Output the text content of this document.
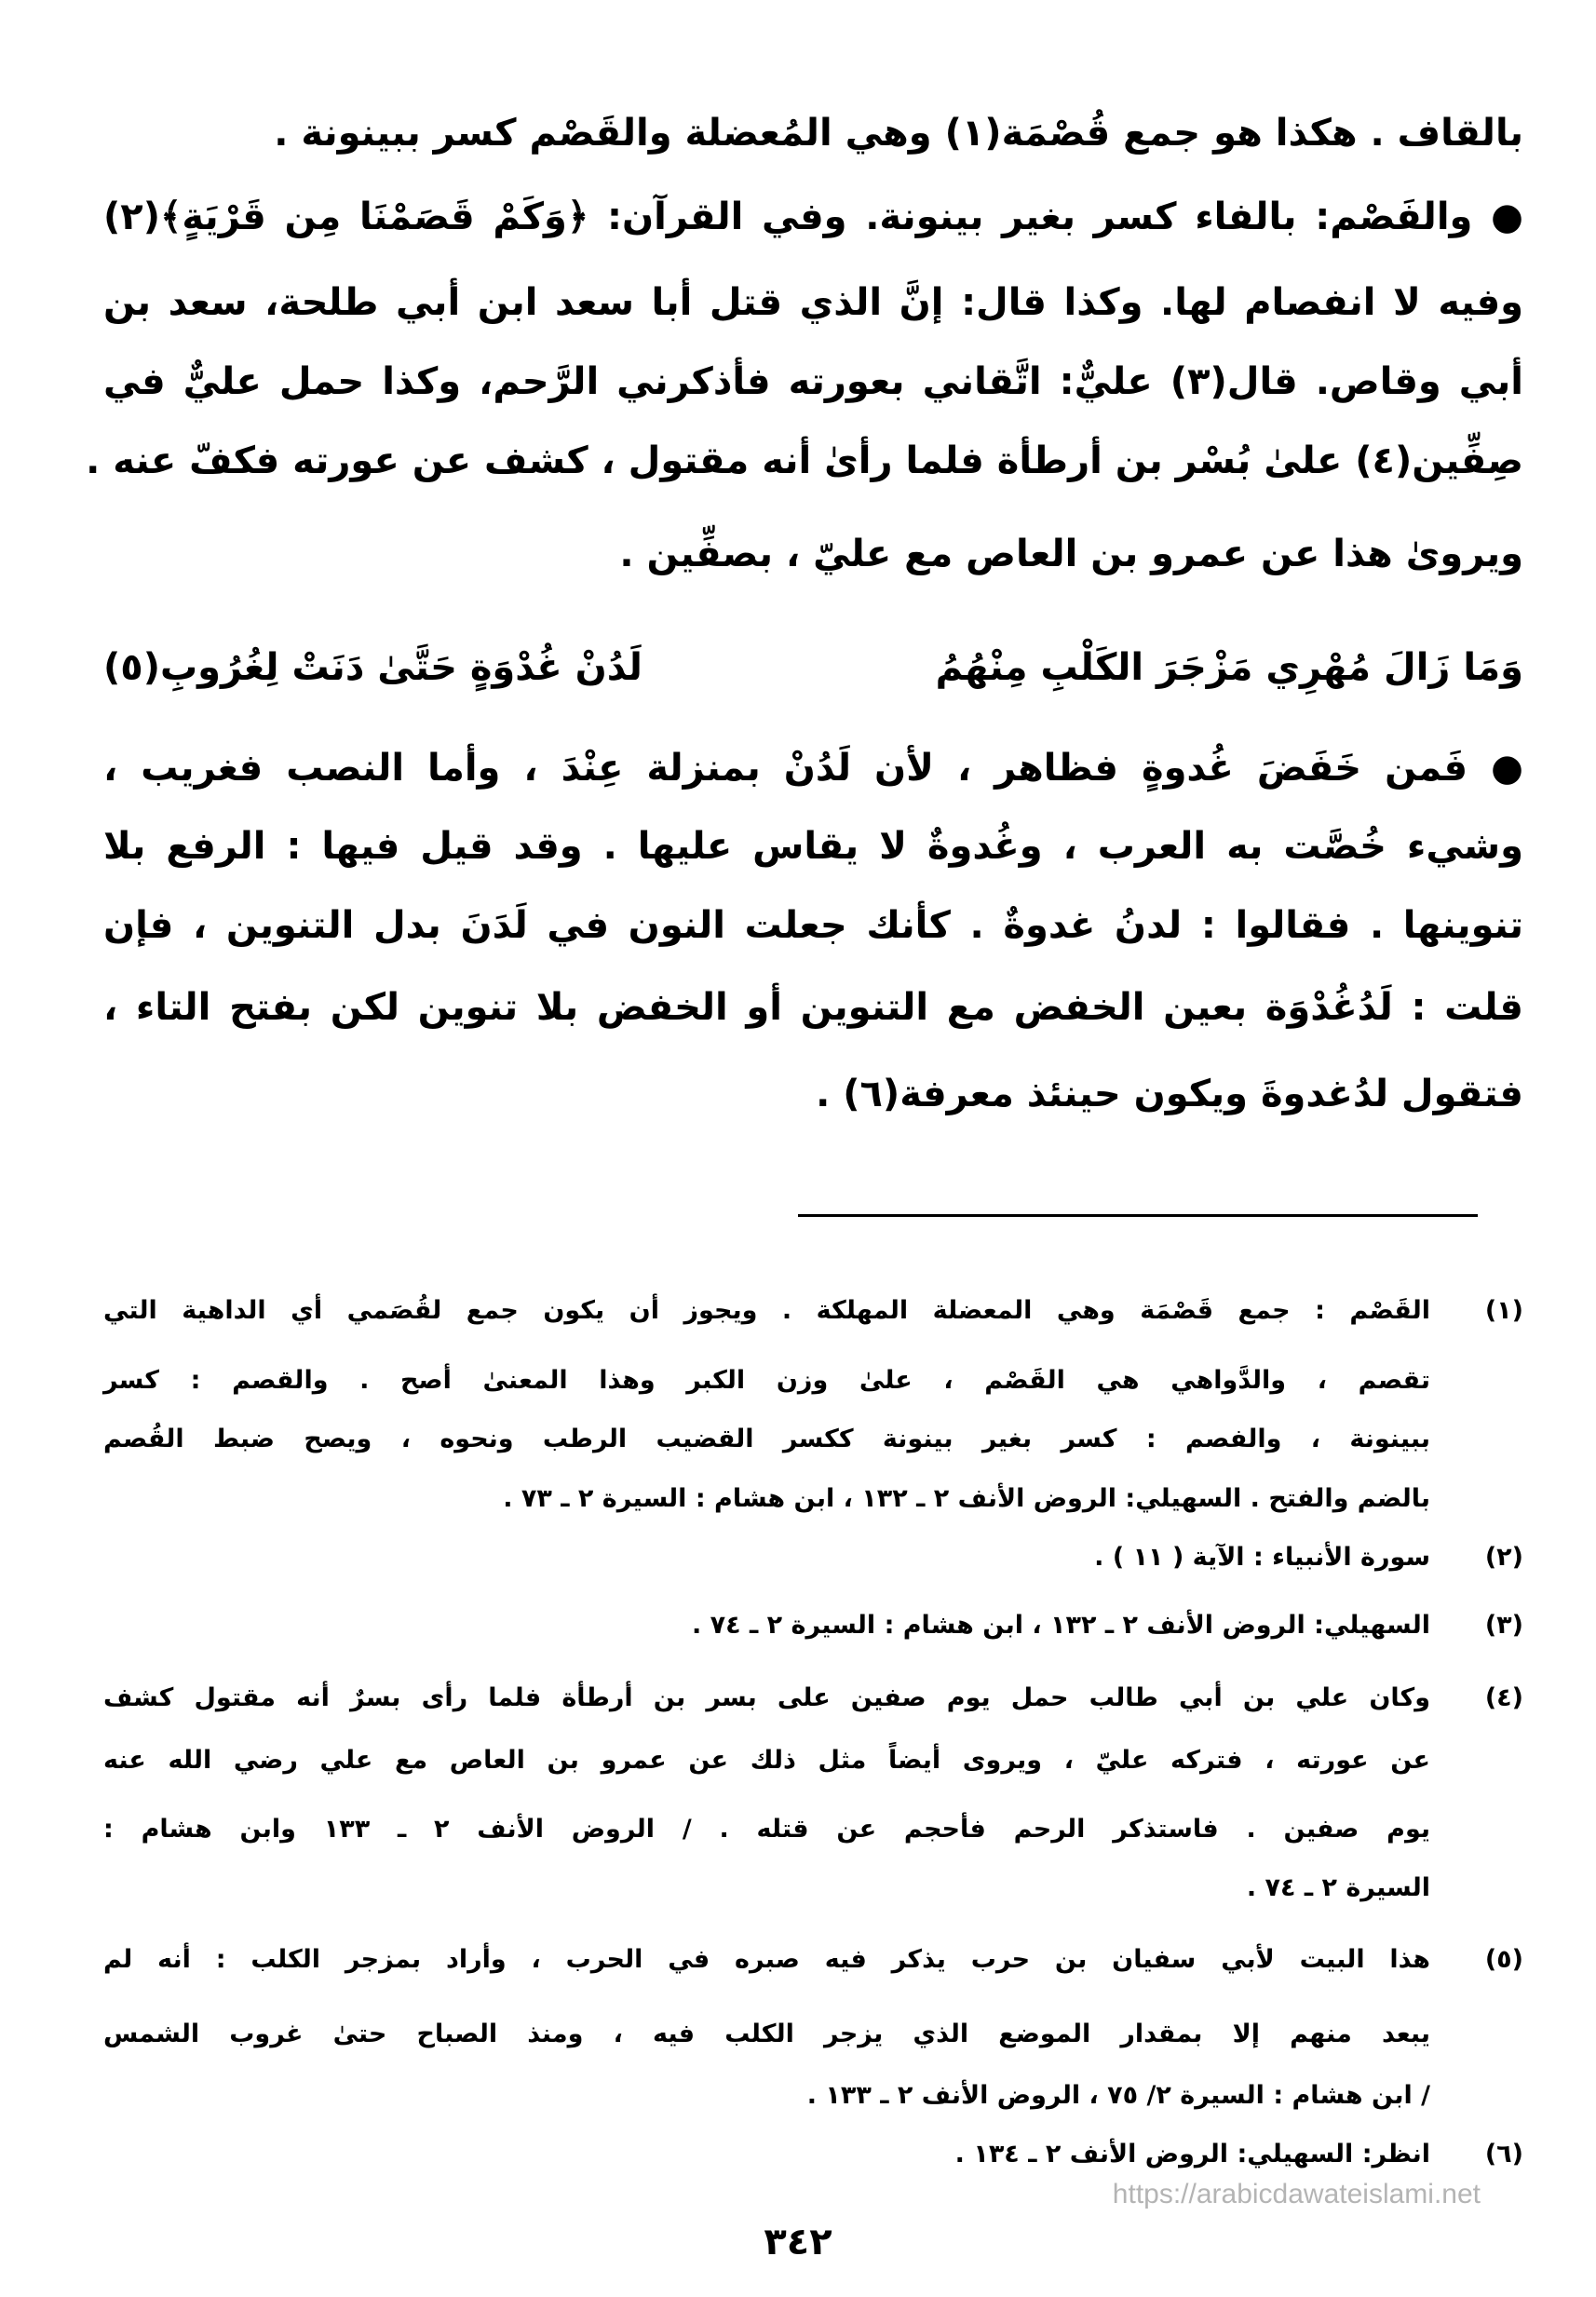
بالقاف . هكذا هو جمع قُصْمَة(١) وهي المُعضلة والقَصْم كسر ببينونة .
● والفَصْم: بالفاء كسر بغير بينونة. وفي القرآن: ﴿وَكَمْ قَصَمْنَا مِن قَرْيَةٍ﴾(٢)
وفيه لا انفصام لها. وكذا قال: إنَّ الذي قتل أبا سعد ابن أبي طلحة، سعد بن
أبي وقاص. قال(٣) عليٌّ: اتَّقاني بعورته فأذكرني الرَّحم، وكذا حمل عليٌّ في
صِفِّين(٤) علىٰ بُسْر بن أرطأة فلما رأىٰ أنه مقتول ، كشف عن عورته فكفّ عنه .
ويرویٰ هذا عن عمرو بن العاص مع عليّ ، بصفِّين .
وَمَا زَالَ مُهْرِي مَزْجَرَ الكَلْبِ مِنْهُمُ
لَدُنْ غُدْوَةٍ حَتَّىٰ دَنَتْ لِغُرُوبِ(٥)
● فَمن خَفَضَ غُدوةٍ فظاهر ، لأن لَدُنْ بمنزلة عِنْدَ ، وأما النصب فغريب ،
وشيء خُصَّت به العرب ، وغُدوةٌ لا يقاس عليها . وقد قيل فيها : الرفع بلا
تنوينها . فقالوا : لدنُ غدوةٌ . كأنك جعلت النون في لَدَنَ بدل التنوين ، فإن
قلت : لَدُغُدْوَة بعين الخفض مع التنوين أو الخفض بلا تنوين لكن بفتح التاء ،
فتقول لدُغدوةَ ويكون حينئذ معرفة(٦) .
(١)
القَصْم : جمع قَصْمَة وهي المعضلة المهلكة . ويجوز أن يكون جمع لقُصَمي أي الداهية التي
تقصم ، والدَّواهي هي القَصْم ، علىٰ وزن الكبر وهذا المعنىٰ أصح . والقصم : كسر
ببينونة ، والفصم : كسر بغير بينونة ككسر القضيب الرطب ونحوه ، ويصح ضبط القُصم
بالضم والفتح . السهيلي: الروض الأنف ٢ ـ ١٣٢ ، ابن هشام : السيرة ٢ ـ ٧٣ .
(٢)
سورة الأنبياء : الآية ( ١١ ) .
(٣)
السهيلي: الروض الأنف ٢ ـ ١٣٢ ، ابن هشام : السيرة ٢ ـ ٧٤ .
(٤)
وكان علي بن أبي طالب حمل يوم صفين على بسر بن أرطأة فلما رأى بسرٌ أنه مقتول كشف
عن عورته ، فتركه عليّ ، ويروى أيضاً مثل ذلك عن عمرو بن العاص مع علي رضي الله عنه
يوم صفين . فاستذكر الرحم فأحجم عن قتله . / الروض الأنف ٢ ـ ١٣٣ وابن هشام :
السيرة ٢ ـ ٧٤ .
(٥)
هذا البيت لأبي سفيان بن حرب يذكر فيه صبره في الحرب ، وأراد بمزجر الكلب : أنه لم
يبعد منهم إلا بمقدار الموضع الذي يزجر الكلب فيه ، ومنذ الصباح حتىٰ غروب الشمس
/ ابن هشام : السيرة ٢/ ٧٥ ، الروض الأنف ٢ ـ ١٣٣ .
(٦)
انظر: السهيلي: الروض الأنف ٢ ـ ١٣٤ .
https://arabicdawateislami.net
٣٤٢
